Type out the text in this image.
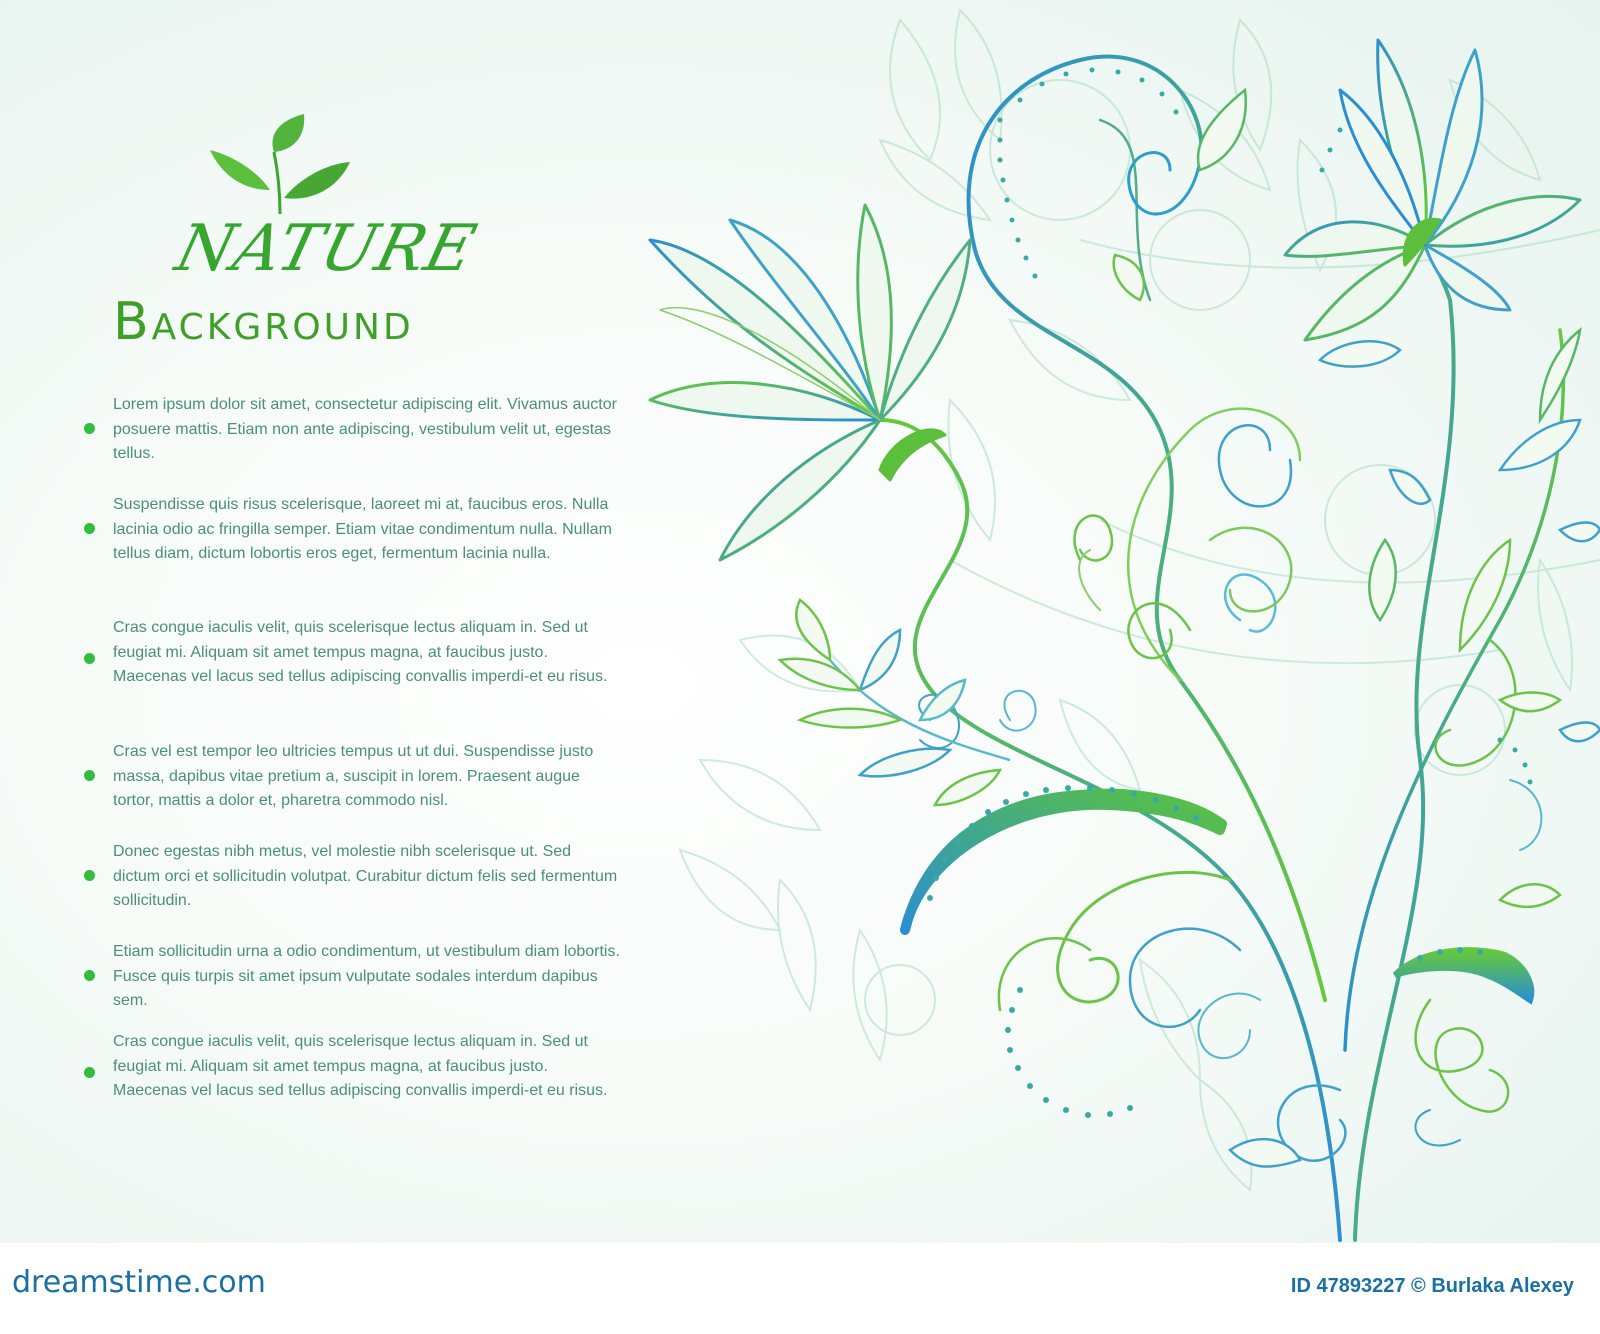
NATURE
Background

Lorem ipsum dolor sit amet, consectetur adipiscing elit. Vivamus auctor posuere mattis. Etiam non ante adipiscing, vestibulum velit ut, egestas tellus.

Suspendisse quis risus scelerisque, laoreet mi at, faucibus eros. Nulla lacinia odio ac fringilla semper. Etiam vitae condimentum nulla. Nullam tellus diam, dictum lobortis eros eget, fermentum lacinia nulla.

Cras congue iaculis velit, quis scelerisque lectus aliquam in. Sed ut feugiat mi. Aliquam sit amet tempus magna, at faucibus justo. Maecenas vel lacus sed tellus adipiscing convallis imperdi-et eu risus.

Cras vel est tempor leo ultricies tempus ut ut dui. Suspendisse justo massa, dapibus vitae pretium a, suscipit in lorem. Praesent augue tortor, mattis a dolor et, pharetra commodo nisl.

Donec egestas nibh metus, vel molestie nibh scelerisque ut. Sed dictum orci et sollicitudin volutpat. Curabitur dictum felis sed fermentum sollicitudin.

Etiam sollicitudin urna a odio condimentum, ut vestibulum diam lobortis. Fusce quis turpis sit amet ipsum vulputate sodales interdum dapibus sem.

Cras congue iaculis velit, quis scelerisque lectus aliquam in. Sed ut feugiat mi. Aliquam sit amet tempus magna, at faucibus justo. Maecenas vel lacus sed tellus adipiscing convallis imperdi-et eu risus.

dreamstime.com	ID 47893227 © Burlaka Alexey
